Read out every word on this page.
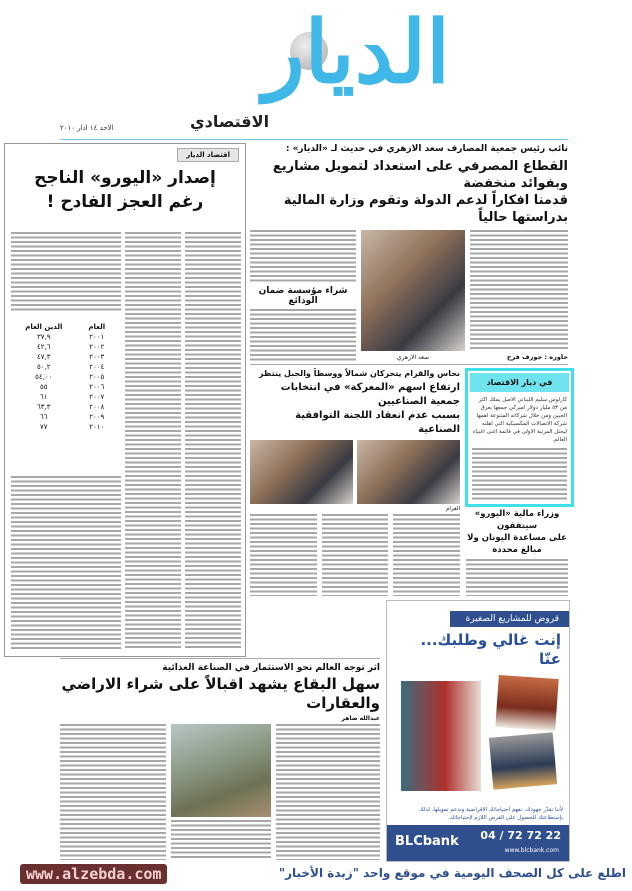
الديار
الاقتصادي
الاحد ١٤ اذار ٢٠١٠
اقتصاد الديار
إصدار «اليورو» الناجح
رغم العجز الفادح !
العام	الدين العام
٢٠٠١	٣٧,٩
٢٠٠٢	٤٢,٦
٢٠٠٣	٤٧,٣
٢٠٠٤	٥٠,٢
٢٠٠٥	٥٤,٠٠
٢٠٠٦	٥٥
٢٠٠٧	٦١
٢٠٠٨	٦٣,٣
٢٠٠٩	٦٦
٢٠١٠	٧٧
نائب رئيس جمعية المصارف سعد الازهري في حديث لـ «الديار» :
القطاع المصرفي على استعداد لتمويل مشاريع وبفوائد منخفضة
قدمنا افكاراً لدعم الدولة وتقوم وزارة المالية بدراستها حالياً
حاوره : جوزف فرح
سعد الازهري
شراء مؤسسة ضمان الودائع
نحاس والقرام يتحركان شمالاً ووسطاً والجبل ينتظر
ارتفاع اسهم «المعركة» في انتخابات جمعية الصناعيين
بسبب عدم انعقاد اللجنة التوافقية الصناعية
القرام
في ديار الاقتصاد
كارلوس سليم اللبناني الاصل يملك اكثر من ٥٣ مليار دولار اميركي جمعها بعرق الجبين ومن خلال شركاته المتنوعة اهمها شركة الاتصالات المكسيكية التي اهلته ليحتل المرتبة الاولى في قائمة اغنى اغنياء العالم.
وزراء مالية «اليورو» سيتفقون
على مساعدة اليونان ولا مبالغ محددة
قروض للمشاريع الصغيرة
إنت غالي وطلبك... عنّا
لأننا نقدّر جهودك، نفهم احتياجاتك الإقراضية وندعم تمويلها. لذلك بإستطاعتك للحصول على القرض اللازم لإحتياجاتك.
BLCbank 04 / 72 72 22
www.blcbank.com
اثر توجه العالم نحو الاستثمار في الصناعة الغذائية
سهل البقاع يشهد اقبالاً على شراء الاراضي والعقارات
عبدالله ضاهر
www.alzebda.com	اطلع على كل الصحف اليومية في موقع واحد "زبدة الأخبار"
